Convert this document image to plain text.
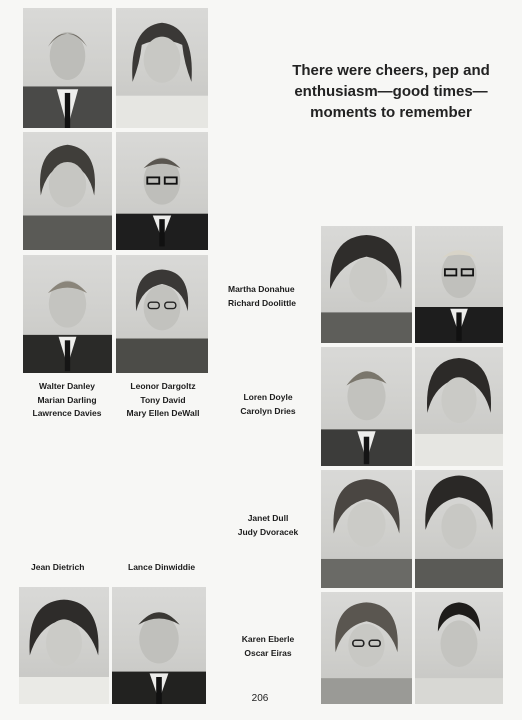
There were cheers, pep and
enthusiasm—good times—
moments to remember
Walter Danley
Marian Darling
Lawrence Davies
Leonor Dargoltz
Tony David
Mary Ellen DeWall
Martha Donahue
Richard Doolittle
Loren Doyle
Carolyn Dries
Janet Dull
Judy Dvoracek
Jean Dietrich	Lance Dinwiddie
Karen Eberle
Oscar Eiras
206
